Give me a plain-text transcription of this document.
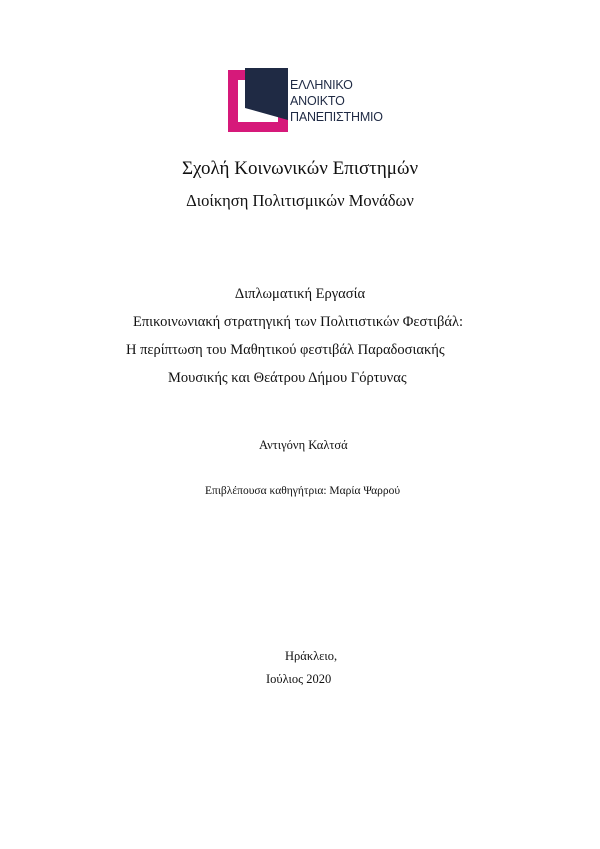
ΕΛΛΗΝΙΚΟ
ΑΝΟΙΚΤΟ
ΠΑΝΕΠΙΣΤΗΜΙΟ
Σχολή Κοινωνικών Επιστημών
Διοίκηση Πολιτισμικών Μονάδων
Διπλωματική Εργασία
Επικοινωνιακή στρατηγική των Πολιτιστικών Φεστιβάλ:
Η περίπτωση του Μαθητικού φεστιβάλ Παραδοσιακής
Μουσικής και Θεάτρου Δήμου Γόρτυνας
Αντιγόνη Καλτσά
Επιβλέπουσα καθηγήτρια: Μαρία Ψαρρού
Ηράκλειο,
Ιούλιος 2020
